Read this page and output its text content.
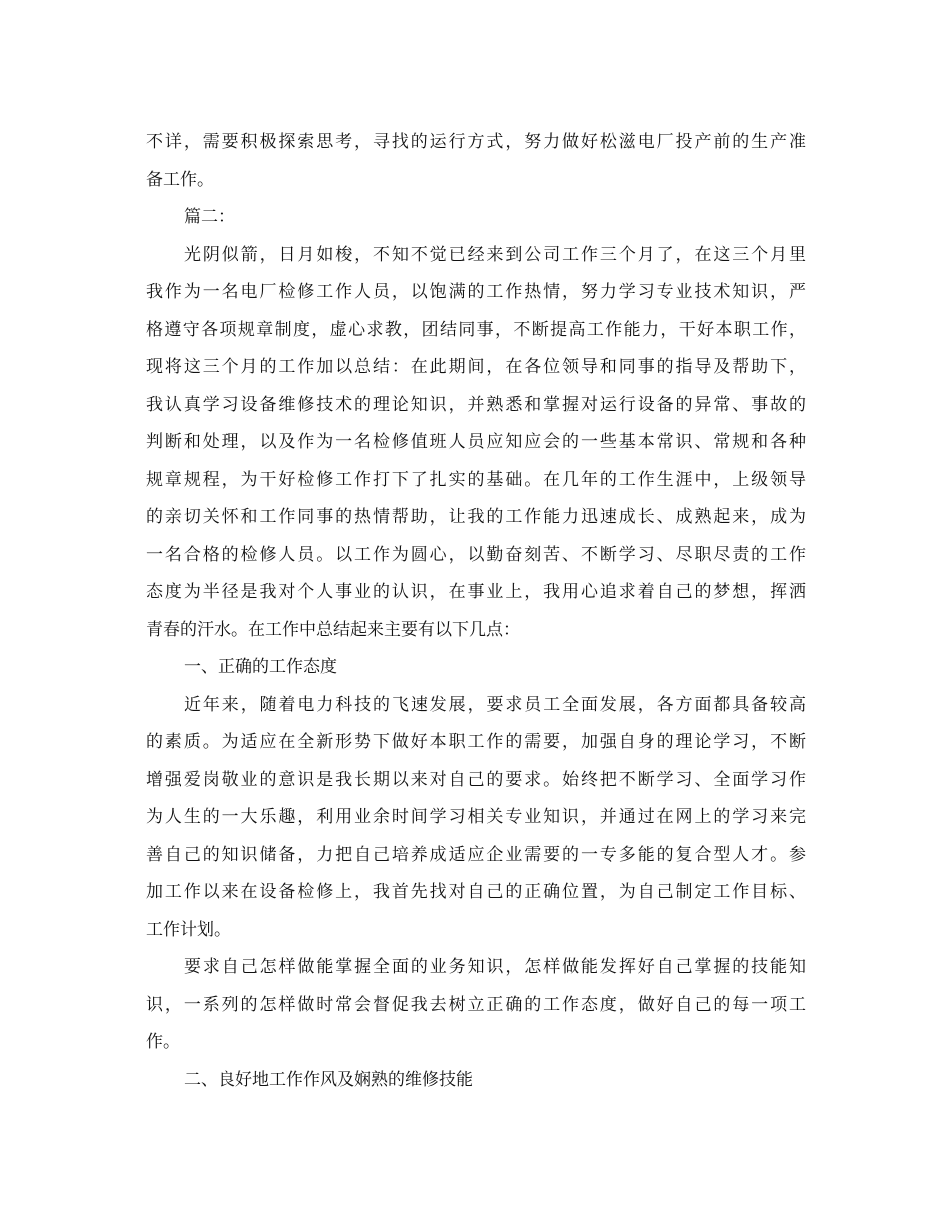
不详，需要积极探索思考，寻找的运行方式，努力做好松滋电厂投产前的生产准
备工作。
篇二：
光阴似箭，日月如梭，不知不觉已经来到公司工作三个月了，在这三个月里
我作为一名电厂检修工作人员，以饱满的工作热情，努力学习专业技术知识，严
格遵守各项规章制度，虚心求教，团结同事，不断提高工作能力，干好本职工作，
现将这三个月的工作加以总结：在此期间，在各位领导和同事的指导及帮助下，
我认真学习设备维修技术的理论知识，并熟悉和掌握对运行设备的异常、事故的
判断和处理，以及作为一名检修值班人员应知应会的一些基本常识、常规和各种
规章规程，为干好检修工作打下了扎实的基础。在几年的工作生涯中，上级领导
的亲切关怀和工作同事的热情帮助，让我的工作能力迅速成长、成熟起来，成为
一名合格的检修人员。以工作为圆心，以勤奋刻苦、不断学习、尽职尽责的工作
态度为半径是我对个人事业的认识，在事业上，我用心追求着自己的梦想，挥洒
青春的汗水。在工作中总结起来主要有以下几点：
一、正确的工作态度
近年来，随着电力科技的飞速发展，要求员工全面发展，各方面都具备较高
的素质。为适应在全新形势下做好本职工作的需要，加强自身的理论学习，不断
增强爱岗敬业的意识是我长期以来对自己的要求。始终把不断学习、全面学习作
为人生的一大乐趣，利用业余时间学习相关专业知识，并通过在网上的学习来完
善自己的知识储备，力把自己培养成适应企业需要的一专多能的复合型人才。参
加工作以来在设备检修上，我首先找对自己的正确位置，为自己制定工作目标、
工作计划。
要求自己怎样做能掌握全面的业务知识，怎样做能发挥好自己掌握的技能知
识，一系列的怎样做时常会督促我去树立正确的工作态度，做好自己的每一项工
作。
二、良好地工作作风及娴熟的维修技能
